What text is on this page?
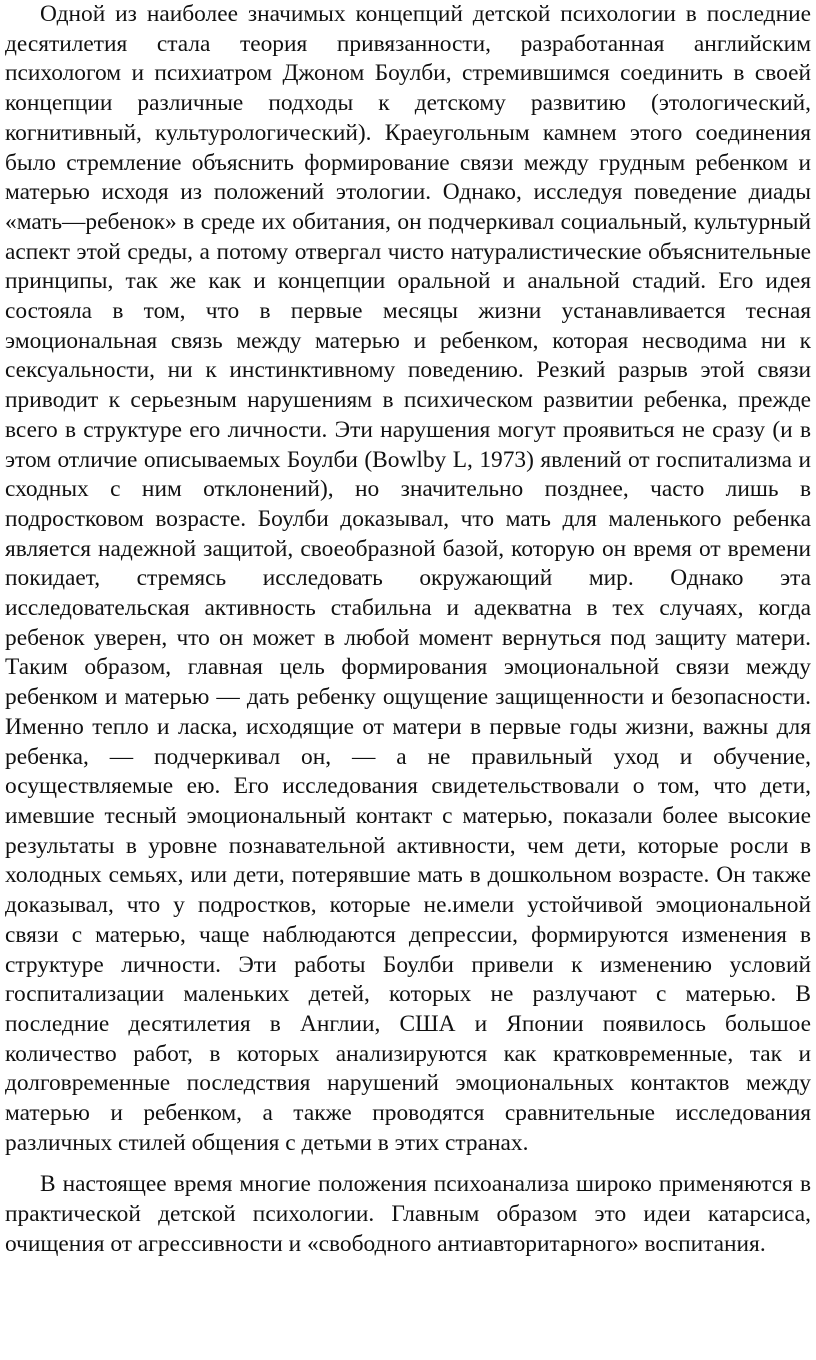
Одной из наиболее значимых концепций детской психологии в последние десятилетия стала теория привязанности, разработанная английским психологом и психиатром Джоном Боулби, стремившимся соединить в своей концепции различные подходы к детскому развитию (этологический, когнитивный, культурологический). Краеугольным камнем этого соединения было стремление объяснить формирование связи между грудным ребенком и матерью исходя из положений этологии. Однако, исследуя поведение диады «мать—ребенок» в среде их обитания, он подчеркивал социальный, культурный аспект этой среды, а потому отвергал чисто натуралистические объяснительные принципы, так же как и концепции оральной и анальной стадий. Его идея состояла в том, что в первые месяцы жизни устанавливается тесная эмоциональная связь между матерью и ребенком, которая несводима ни к сексуальности, ни к инстинктивному поведению. Резкий разрыв этой связи приводит к серьезным нарушениям в психическом развитии ребенка, прежде всего в структуре его личности. Эти нарушения могут проявиться не сразу (и в этом отличие описываемых Боулби (Bowlby L, 1973) явлений от госпитализма и сходных с ним отклонений), но значительно позднее, часто лишь в подростковом возрасте. Боулби доказывал, что мать для маленького ребенка является надежной защитой, своеобразной базой, которую он время от времени покидает, стремясь исследовать окружающий мир. Однако эта исследовательская активность стабильна и адекватна в тех случаях, когда ребенок уверен, что он может в любой момент вернуться под защиту матери. Таким образом, главная цель формирования эмоциональной связи между ребенком и матерью — дать ребенку ощущение защищенности и безопасности. Именно тепло и ласка, исходящие от матери в первые годы жизни, важны для ребенка, — подчеркивал он, — а не правильный уход и обучение, осуществляемые ею. Его исследования свидетельствовали о том, что дети, имевшие тесный эмоциональный контакт с матерью, показали более высокие результаты в уровне познавательной активности, чем дети, которые росли в холодных семьях, или дети, потерявшие мать в дошкольном возрасте. Он также доказывал, что у подростков, которые не.имели устойчивой эмоциональной связи с матерью, чаще наблюдаются депрессии, формируются изменения в структуре личности. Эти работы Боулби привели к изменению условий госпитализации маленьких детей, которых не разлучают с матерью. В последние десятилетия в Англии, США и Японии появилось большое количество работ, в которых анализируются как кратковременные, так и долговременные последствия нарушений эмоциональных контактов между матерью и ребенком, а также проводятся сравнительные исследования различных стилей общения с детьми в этих странах.

В настоящее время многие положения психоанализа широко применяются в практической детской психологии. Главным образом это идеи катарсиса, очищения от агрессивности и «свободного антиавторитарного» воспитания.
